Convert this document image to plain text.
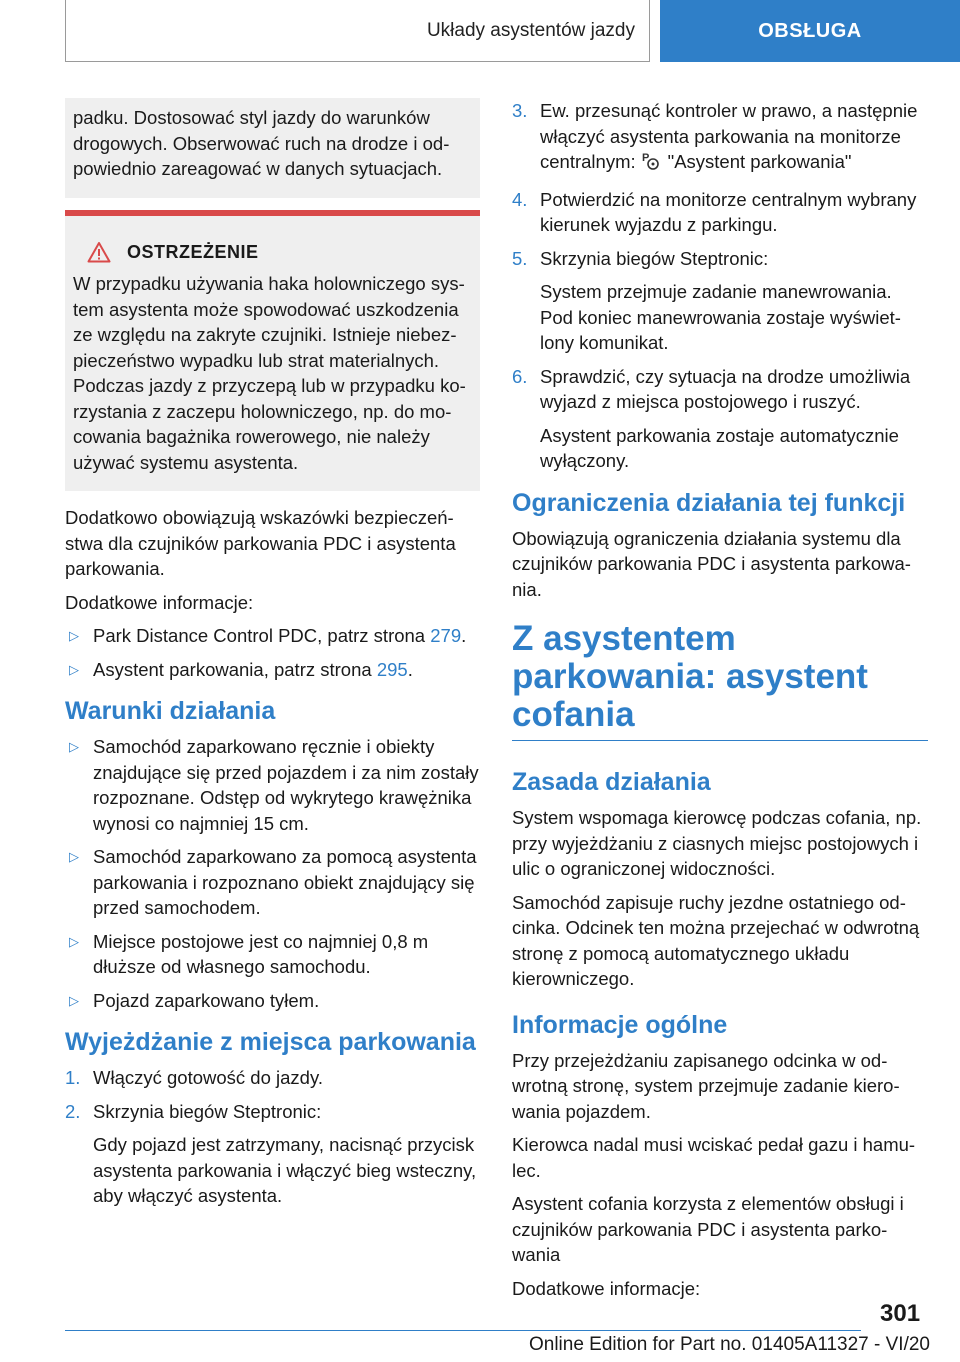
Układy asystentów jazdy	OBSŁUGA
padku. Dostosować styl jazdy do warunków drogowych. Obserwować ruch na drodze i odpowiednio zareagować w danych sytuacjach.
OSTRZEŻENIE
W przypadku używania haka holowniczego system asystenta może spowodować uszkodzenia ze względu na zakryte czujniki. Istnieje niebezpieczeństwo wypadku lub strat materialnych. Podczas jazdy z przyczepą lub w przypadku korzystania z zaczepu holowniczego, np. do mocowania bagażnika rowerowego, nie należy używać systemu asystenta.

Dodatkowo obowiązują wskazówki bezpieczeństwa dla czujników parkowania PDC i asystenta parkowania.

Dodatkowe informacje:

▷ Park Distance Control PDC, patrz strona 279.
▷ Asystent parkowania, patrz strona 295.
Warunki działania
▷ Samochód zaparkowano ręcznie i obiekty znajdujące się przed pojazdem i za nim zostały rozpoznane. Odstęp od wykrytego krawężnika wynosi co najmniej 15 cm.
▷ Samochód zaparkowano za pomocą asystenta parkowania i rozpoznano obiekt znajdujący się przed samochodem.
▷ Miejsce postojowe jest co najmniej 0,8 m dłuższe od własnego samochodu.
▷ Pojazd zaparkowano tyłem.
Wyjeżdżanie z miejsca parkowania
1. Włączyć gotowość do jazdy.
2. Skrzynia biegów Steptronic:
Gdy pojazd jest zatrzymany, nacisnąć przycisk asystenta parkowania i włączyć bieg wsteczny, aby włączyć asystenta.
3. Ew. przesunąć kontroler w prawo, a następnie włączyć asystenta parkowania na monitorze centralnym: P "Asystent parkowania"
4. Potwierdzić na monitorze centralnym wybrany kierunek wyjazdu z parkingu.
5. Skrzynia biegów Steptronic:
System przejmuje zadanie manewrowania. Pod koniec manewrowania zostaje wyświetlony komunikat.
6. Sprawdzić, czy sytuacja na drodze umożliwia wyjazd z miejsca postojowego i ruszyć.
Asystent parkowania zostaje automatycznie wyłączony.
Ograniczenia działania tej funkcji

Obowiązują ograniczenia działania systemu dla czujników parkowania PDC i asystenta parkowania.

Z asystentem parkowania: asystent cofania
Zasada działania

System wspomaga kierowcę podczas cofania, np. przy wyjeżdżaniu z ciasnych miejsc postojowych i ulic o ograniczonej widoczności.

Samochód zapisuje ruchy jezdne ostatniego odcinka. Odcinek ten można przejechać w odwrotną stronę z pomocą automatycznego układu kierowniczego.

Informacje ogólne

Przy przejeżdżaniu zapisanego odcinka w odwrotną stronę, system przejmuje zadanie kierowania pojazdem.

Kierowca nadal musi wciskać pedał gazu i hamulec.

Asystent cofania korzysta z elementów obsługi i czujników parkowania PDC i asystenta parkowania

Dodatkowe informacje:

301
Online Edition for Part no. 01405A11327 - VI/20
